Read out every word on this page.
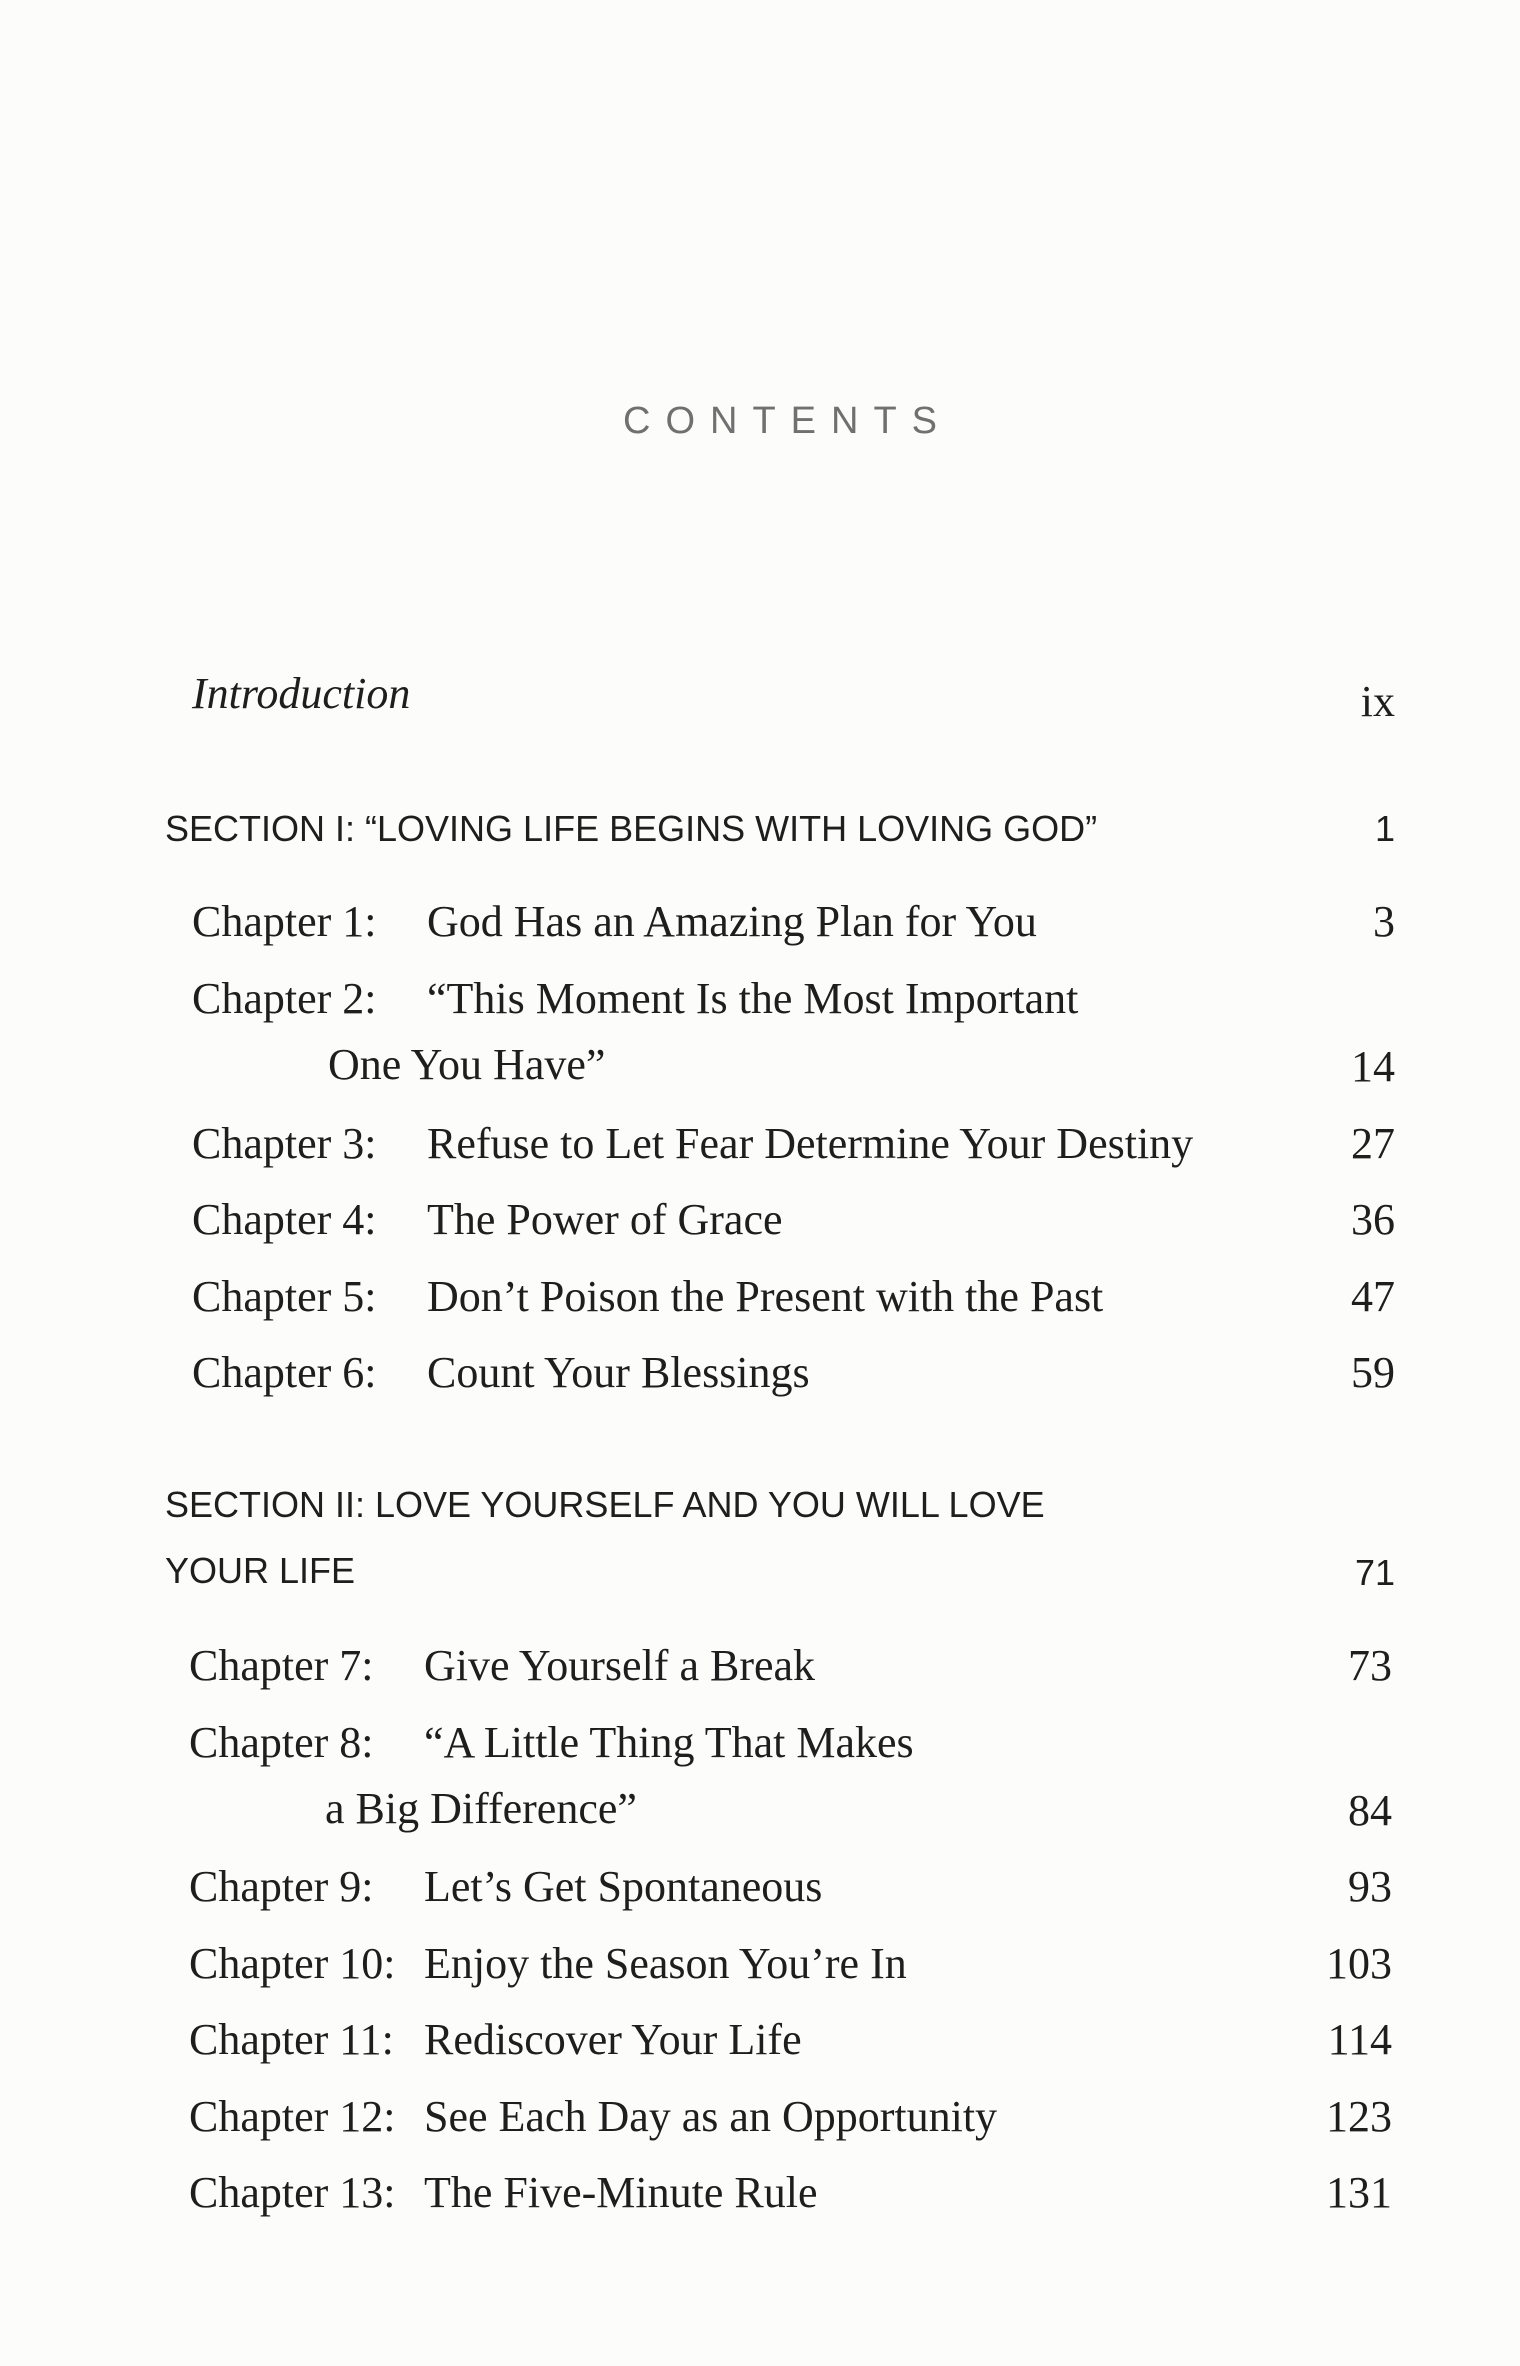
CONTENTS
Introduction	ix
SECTION I: “LOVING LIFE BEGINS WITH LOVING GOD”	1
Chapter 1: God Has an Amazing Plan for You	3
Chapter 2: “This Moment Is the Most Important
One You Have”	14
Chapter 3: Refuse to Let Fear Determine Your Destiny	27
Chapter 4: The Power of Grace	36
Chapter 5: Don’t Poison the Present with the Past	47
Chapter 6: Count Your Blessings	59
SECTION II: LOVE YOURSELF AND YOU WILL LOVE
YOUR LIFE	71
Chapter 7: Give Yourself a Break	73
Chapter 8: “A Little Thing That Makes
a Big Difference”	84
Chapter 9: Let’s Get Spontaneous	93
Chapter 10: Enjoy the Season You’re In	103
Chapter 11: Rediscover Your Life	114
Chapter 12: See Each Day as an Opportunity	123
Chapter 13: The Five-Minute Rule	131
